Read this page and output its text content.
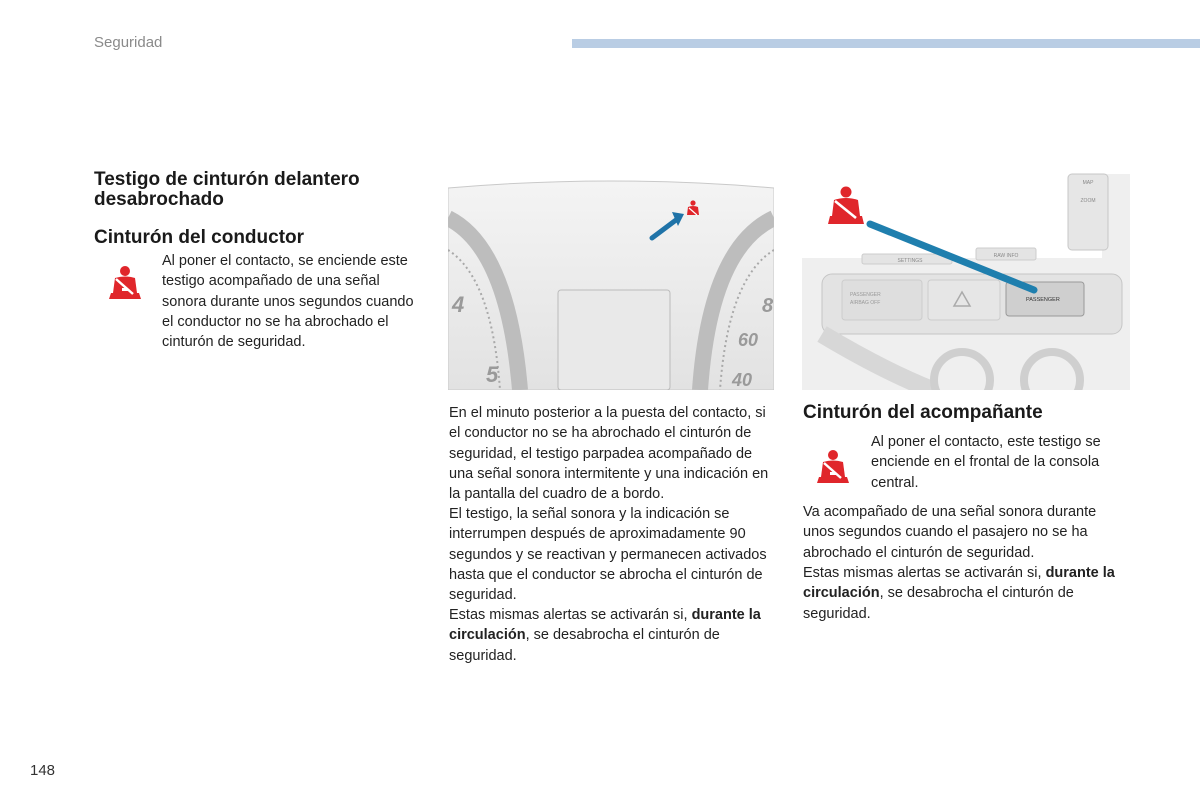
Seguridad
Testigo de cinturón delantero desabrochado
Cinturón del conductor

Al poner el contacto, se enciende este testigo acompañado de una señal sonora durante unos segundos cuando el conductor no se ha abrochado el cinturón de seguridad.

4
5
8
60
40

En el minuto posterior a la puesta del contacto, si el conductor no se ha abrochado el cinturón de seguridad, el testigo parpadea acompañado de una señal sonora intermitente y una indicación en la pantalla del cuadro de a bordo.

El testigo, la señal sonora y la indicación se interrumpen después de aproximadamente 90 segundos y se reactivan y permanecen activados hasta que el conductor se abrocha el cinturón de seguridad.

Estas mismas alertas se activarán si, durante la circulación, se desabrocha el cinturón de seguridad.

MAP
ZOOM
SETTINGS
RAW INFO
PASSENGER
AIRBAG OFF	PASSENGER
Cinturón del acompañante

Al poner el contacto, este testigo se enciende en el frontal de la consola central.

Va acompañado de una señal sonora durante unos segundos cuando el pasajero no se ha abrochado el cinturón de seguridad.

Estas mismas alertas se activarán si, durante la circulación, se desabrocha el cinturón de seguridad.

148
